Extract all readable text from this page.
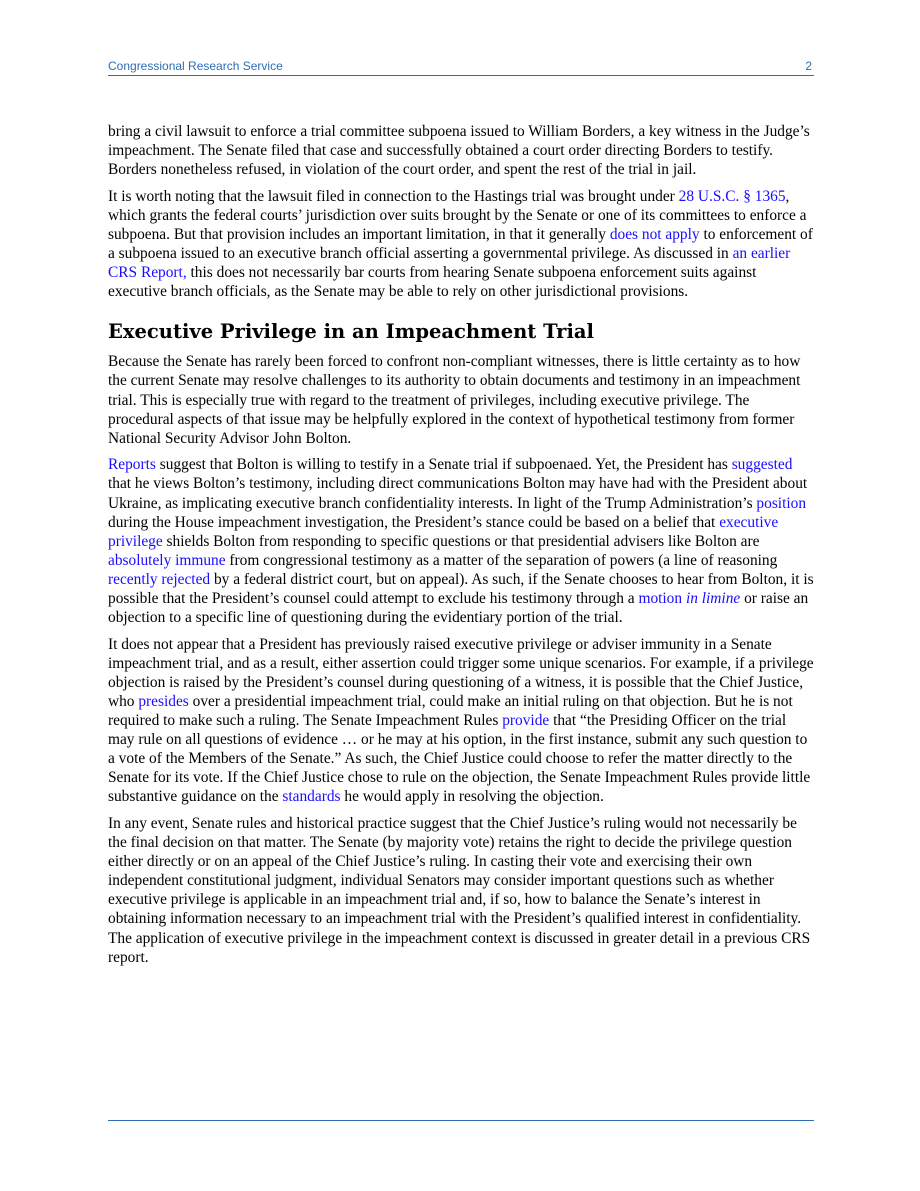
Congressional Research Service	2

bring a civil lawsuit to enforce a trial committee subpoena issued to William Borders, a key witness in the Judge’s impeachment. The Senate filed that case and successfully obtained a court order directing Borders to testify. Borders nonetheless refused, in violation of the court order, and spent the rest of the trial in jail.

It is worth noting that the lawsuit filed in connection to the Hastings trial was brought under 28 U.S.C. § 1365, which grants the federal courts’ jurisdiction over suits brought by the Senate or one of its committees to enforce a subpoena. But that provision includes an important limitation, in that it generally does not apply to enforcement of a subpoena issued to an executive branch official asserting a governmental privilege. As discussed in an earlier CRS Report, this does not necessarily bar courts from hearing Senate subpoena enforcement suits against executive branch officials, as the Senate may be able to rely on other jurisdictional provisions.

Executive Privilege in an Impeachment Trial

Because the Senate has rarely been forced to confront non-compliant witnesses, there is little certainty as to how the current Senate may resolve challenges to its authority to obtain documents and testimony in an impeachment trial. This is especially true with regard to the treatment of privileges, including executive privilege. The procedural aspects of that issue may be helpfully explored in the context of hypothetical testimony from former National Security Advisor John Bolton.

Reports suggest that Bolton is willing to testify in a Senate trial if subpoenaed. Yet, the President has suggested that he views Bolton’s testimony, including direct communications Bolton may have had with the President about Ukraine, as implicating executive branch confidentiality interests. In light of the Trump Administration’s position during the House impeachment investigation, the President’s stance could be based on a belief that executive privilege shields Bolton from responding to specific questions or that presidential advisers like Bolton are absolutely immune from congressional testimony as a matter of the separation of powers (a line of reasoning recently rejected by a federal district court, but on appeal). As such, if the Senate chooses to hear from Bolton, it is possible that the President’s counsel could attempt to exclude his testimony through a motion in limine or raise an objection to a specific line of questioning during the evidentiary portion of the trial.

It does not appear that a President has previously raised executive privilege or adviser immunity in a Senate impeachment trial, and as a result, either assertion could trigger some unique scenarios. For example, if a privilege objection is raised by the President’s counsel during questioning of a witness, it is possible that the Chief Justice, who presides over a presidential impeachment trial, could make an initial ruling on that objection. But he is not required to make such a ruling. The Senate Impeachment Rules provide that “the Presiding Officer on the trial may rule on all questions of evidence … or he may at his option, in the first instance, submit any such question to a vote of the Members of the Senate.” As such, the Chief Justice could choose to refer the matter directly to the Senate for its vote. If the Chief Justice chose to rule on the objection, the Senate Impeachment Rules provide little substantive guidance on the standards he would apply in resolving the objection.

In any event, Senate rules and historical practice suggest that the Chief Justice’s ruling would not necessarily be the final decision on that matter. The Senate (by majority vote) retains the right to decide the privilege question either directly or on an appeal of the Chief Justice’s ruling. In casting their vote and exercising their own independent constitutional judgment, individual Senators may consider important questions such as whether executive privilege is applicable in an impeachment trial and, if so, how to balance the Senate’s interest in obtaining information necessary to an impeachment trial with the President’s qualified interest in confidentiality. The application of executive privilege in the impeachment context is discussed in greater detail in a previous CRS report.
